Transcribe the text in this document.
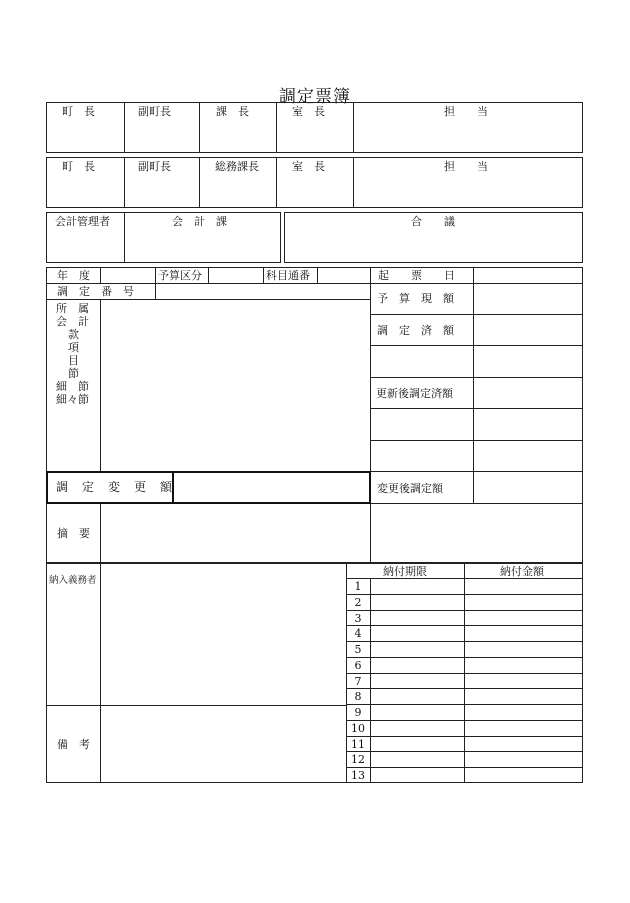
調定票簿
町　長	副町長	課　長	室　長	担　　当
町　長	副町長	総務課長	室　長	担　　当
会計管理者	会　計　課	合　　議
年　度	予算区分	科目通番	起　　票　　日
調　定　番　号
所　属
会　計
款
項
目
節
細　節
細々節
予　算　現　額
調　定　済　額
更新後調定済額
変更後調定額
調　定　変　更　額
摘　要
納入義務者
備　考
納付期限	納付金額
1
2
3
4
5
6
7
8
9
10
11
12
13
